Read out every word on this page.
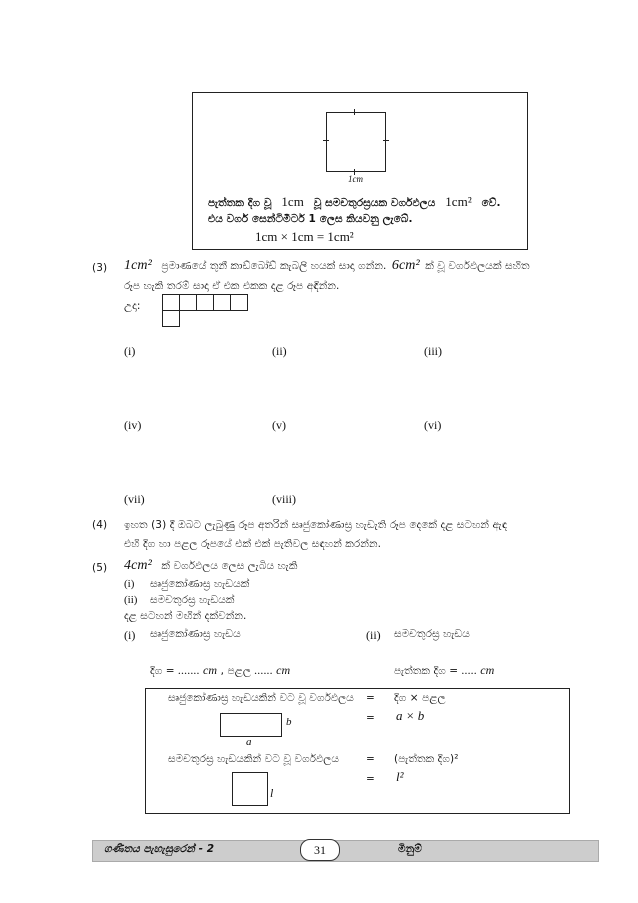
1cm
පැත්තක දිග වූ 1cm වූ සමචතුරස්‍රයක වර්ගඵලය 1cm² වේ.
එය වර්ග සෙන්ටිමීටර් 1 ලෙස කියවනු ලැබේ.
1cm × 1cm = 1cm²
(3) 1cm² ප්‍රමාණයේ තුනී කාඩ්බෝඩ් කැබලි හයක් සාදා ගන්න. 6cm² ක් වූ වර්ගඵලයක් සහිත
රූප හැකි තරම් සාදා ඒ එක එකක දළ රූප අඳින්න.
උදා:
(i)	(ii)	(iii)
(iv)	(v)	(vi)
(vii)	(viii)
(4) ඉහත (3) දී ඔබට ලැබුණු රූප අතරින් සෘජුකෝණාස්‍ර හැඩැති රූප දෙකේ දළ සටහන් ඇඳ
එහි දිග හා පළල රූපයේ එක් එක් පැතිවල සඳහන් කරන්න.
(5) 4cm² ක් වර්ගඵලය ලෙස ලැබිය හැකි
(i) සෘජුකෝණාස්‍ර හැඩයක්
(ii) සමචතුරස්‍ර හැඩයක්
දළ සටහන් මඟින් දක්වන්න.
(i) සෘජුකෝණාස්‍ර හැඩය	(ii) සමචතුරස්‍ර හැඩය
දිග = ....... cm , පළල ...... cm	පැත්තක දිග = ..... cm
සෘජුකෝණාස්‍ර හැඩයකින් වට වූ වර්ගඵලය = දිග × පළල
= a × b
b
a
සමචතුරස්‍ර හැඩයකින් වට වූ වර්ගඵලය	= (පැත්තක දිග)²
= l²
l
ගණිතය පැහැසුරෙන් - 2	31	මිනුම්
